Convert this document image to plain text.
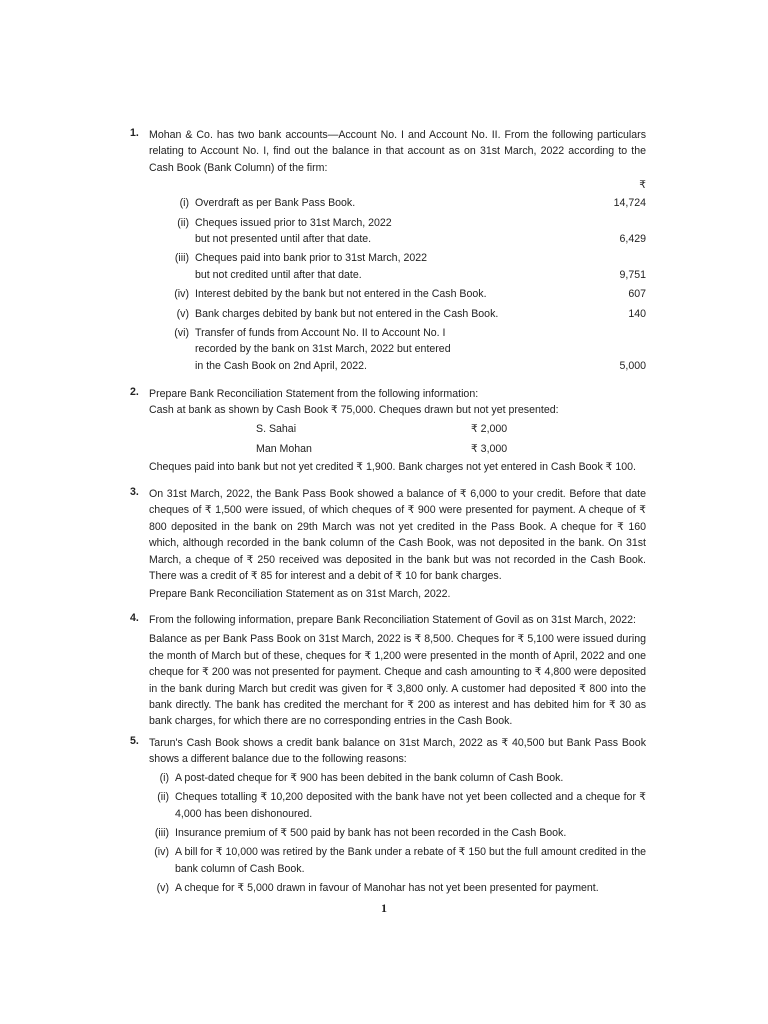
1. Mohan & Co. has two bank accounts—Account No. I and Account No. II. From the following particulars relating to Account No. I, find out the balance in that account as on 31st March, 2022 according to the Cash Book (Bank Column) of the firm:
₹
(i) Overdraft as per Bank Pass Book.	14,724
(ii) Cheques issued prior to 31st March, 2022
but not presented until after that date.	6,429
(iii) Cheques paid into bank prior to 31st March, 2022
but not credited until after that date.	9,751
(iv) Interest debited by the bank but not entered in the Cash Book.	607
(v) Bank charges debited by bank but not entered in the Cash Book.	140
(vi) Transfer of funds from Account No. II to Account No. I
recorded by the bank on 31st March, 2022 but entered
in the Cash Book on 2nd April, 2022.	5,000
2. Prepare Bank Reconciliation Statement from the following information:
Cash at bank as shown by Cash Book ₹ 75,000. Cheques drawn but not yet presented:
S. Sahai	₹ 2,000
Man Mohan	₹ 3,000
Cheques paid into bank but not yet credited ₹ 1,900. Bank charges not yet entered in Cash Book ₹ 100.
3. On 31st March, 2022, the Bank Pass Book showed a balance of ₹ 6,000 to your credit. Before that date cheques of ₹ 1,500 were issued, of which cheques of ₹ 900 were presented for payment. A cheque of ₹ 800 deposited in the bank on 29th March was not yet credited in the Pass Book. A cheque for ₹ 160 which, although recorded in the bank column of the Cash Book, was not deposited in the bank. On 31st March, a cheque of ₹ 250 received was deposited in the bank but was not recorded in the Cash Book. There was a credit of ₹ 85 for interest and a debit of ₹ 10 for bank charges.
Prepare Bank Reconciliation Statement as on 31st March, 2022.
4. From the following information, prepare Bank Reconciliation Statement of Govil as on 31st March, 2022:
Balance as per Bank Pass Book on 31st March, 2022 is ₹ 8,500. Cheques for ₹ 5,100 were issued during the month of March but of these, cheques for ₹ 1,200 were presented in the month of April, 2022 and one cheque for ₹ 200 was not presented for payment. Cheque and cash amounting to ₹ 4,800 were deposited in the bank during March but credit was given for ₹ 3,800 only. A customer had deposited ₹ 800 into the bank directly. The bank has credited the merchant for ₹ 200 as interest and has debited him for ₹ 30 as bank charges, for which there are no corresponding entries in the Cash Book.
5. Tarun's Cash Book shows a credit bank balance on 31st March, 2022 as ₹ 40,500 but Bank Pass Book shows a different balance due to the following reasons:
(i) A post-dated cheque for ₹ 900 has been debited in the bank column of Cash Book.
(ii) Cheques totalling ₹ 10,200 deposited with the bank have not yet been collected and a cheque for ₹ 4,000 has been dishonoured.
(iii) Insurance premium of ₹ 500 paid by bank has not been recorded in the Cash Book.
(iv) A bill for ₹ 10,000 was retired by the Bank under a rebate of ₹ 150 but the full amount credited in the bank column of Cash Book.
(v) A cheque for ₹ 5,000 drawn in favour of Manohar has not yet been presented for payment.
1
